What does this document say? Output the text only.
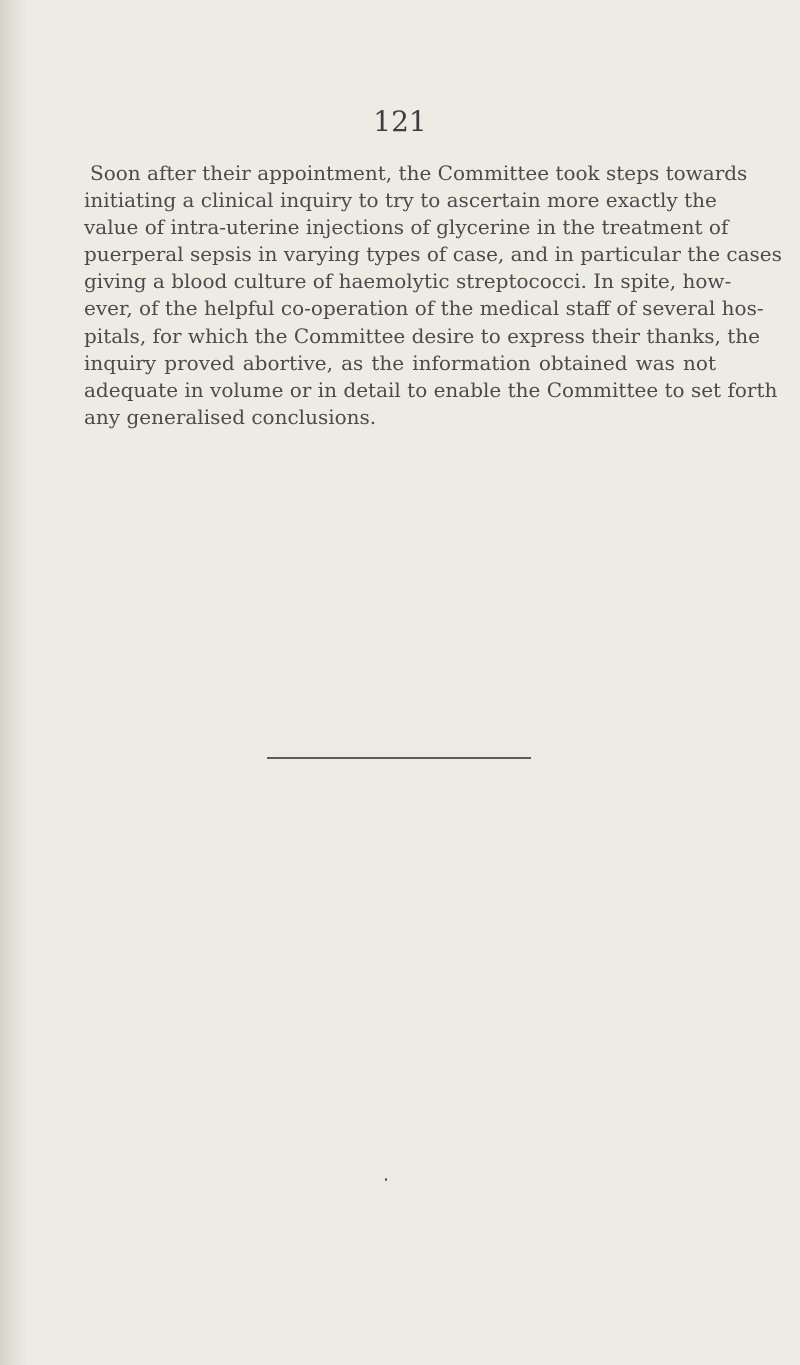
121
Soon after their appointment, the Committee took steps towards
initiating a clinical inquiry to try to ascertain more exactly the
value of intra-uterine injections of glycerine in the treatment of
puerperal sepsis in varying types of case, and in particular the cases
giving a blood culture of haemolytic streptococci. In spite, how-
ever, of the helpful co-operation of the medical staff of several hos-
pitals, for which the Committee desire to express their thanks, the
inquiry proved abortive, as the information obtained was not
adequate in volume or in detail to enable the Committee to set forth
any generalised conclusions.
